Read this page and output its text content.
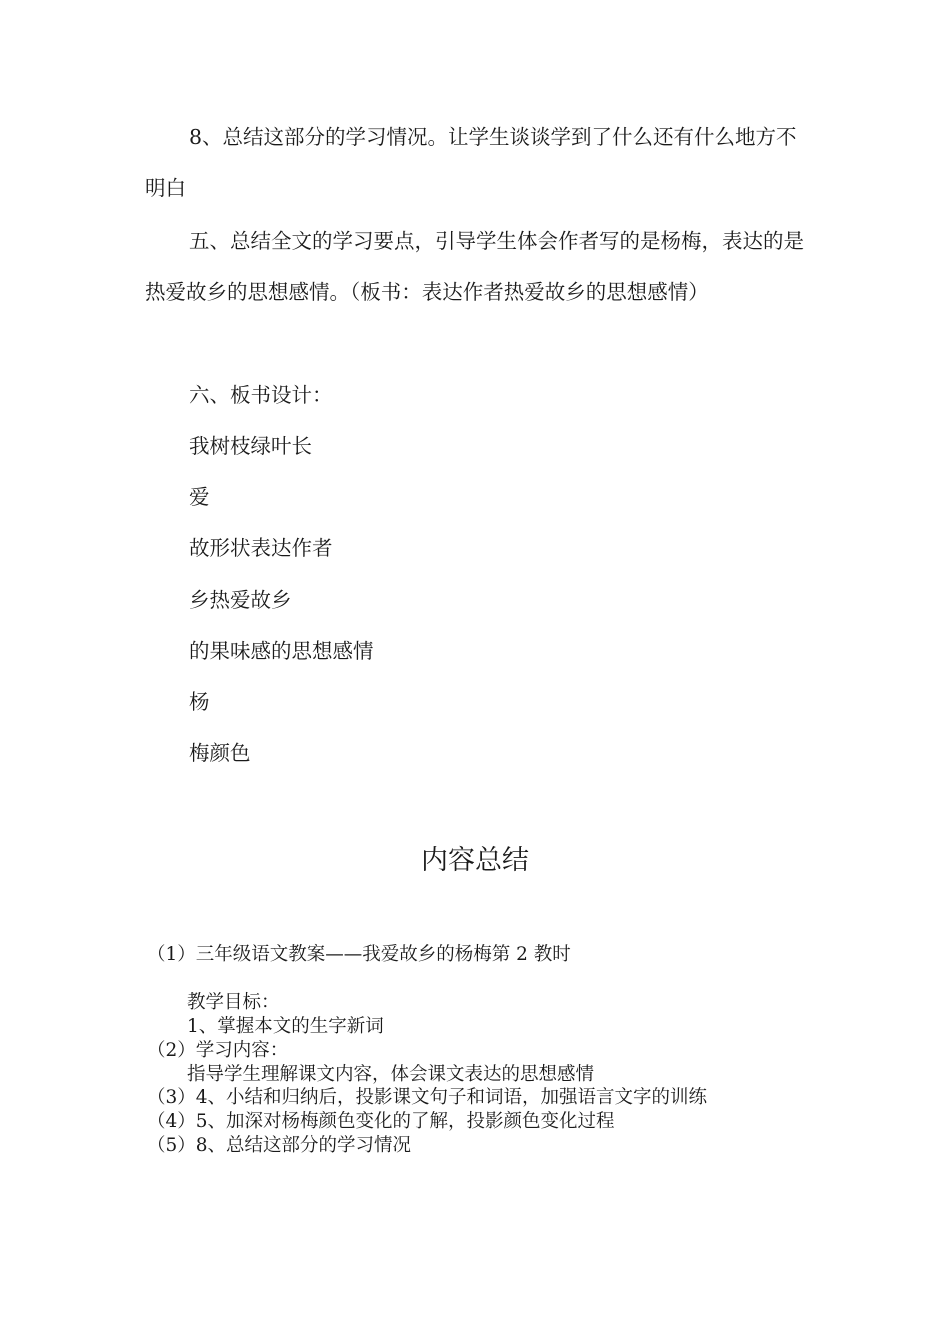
8、总结这部分的学习情况。让学生谈谈学到了什么还有什么地方不明白

五、总结全文的学习要点，引导学生体会作者写的是杨梅，表达的是热爱故乡的思想感情。（板书：表达作者热爱故乡的思想感情）

六、板书设计：

我树枝绿叶长

爱

故形状表达作者

乡热爱故乡

的果味感的思想感情

杨

梅颜色

内容总结

（1）三年级语文教案——我爱故乡的杨梅第 2 教时

教学目标：

1、掌握本文的生字新词

（2）学习内容：

指导学生理解课文内容，体会课文表达的思想感情

（3）4、小结和归纳后，投影课文句子和词语，加强语言文字的训练

（4）5、加深对杨梅颜色变化的了解，投影颜色变化过程

（5）8、总结这部分的学习情况
